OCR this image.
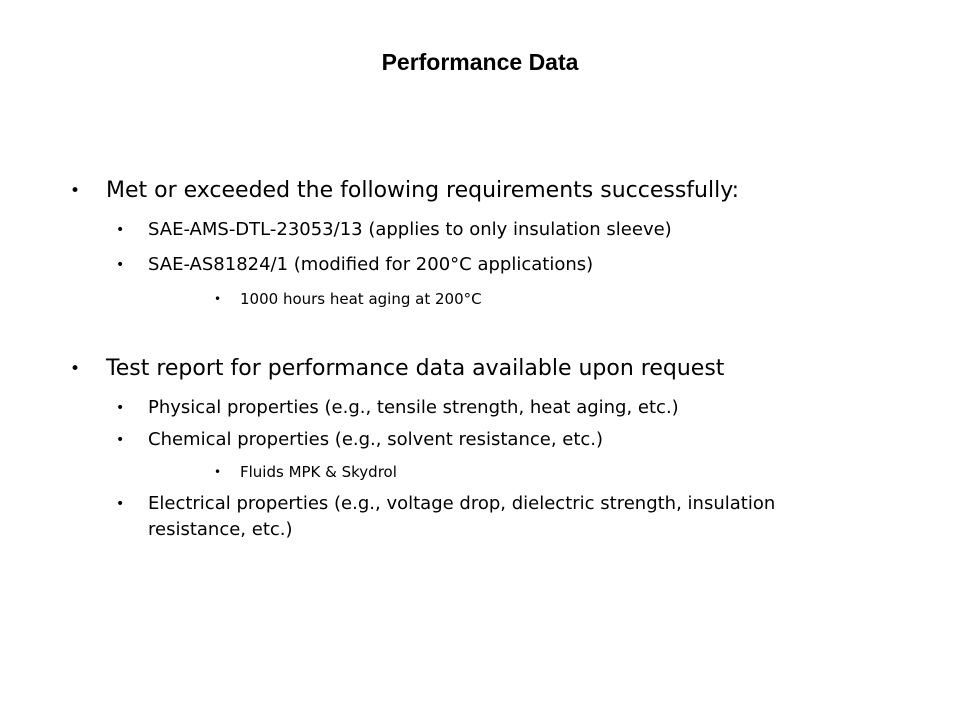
Performance Data
• Met or exceeded the following requirements successfully:
• SAE-AMS-DTL-23053/13 (applies to only insulation sleeve)
• SAE-AS81824/1 (modified for 200°C applications)
• 1000 hours heat aging at 200°C
• Test report for performance data available upon request
• Physical properties (e.g., tensile strength, heat aging, etc.)
• Chemical properties (e.g., solvent resistance, etc.)
• Fluids MPK & Skydrol
• Electrical properties (e.g., voltage drop, dielectric strength, insulation resistance, etc.)
